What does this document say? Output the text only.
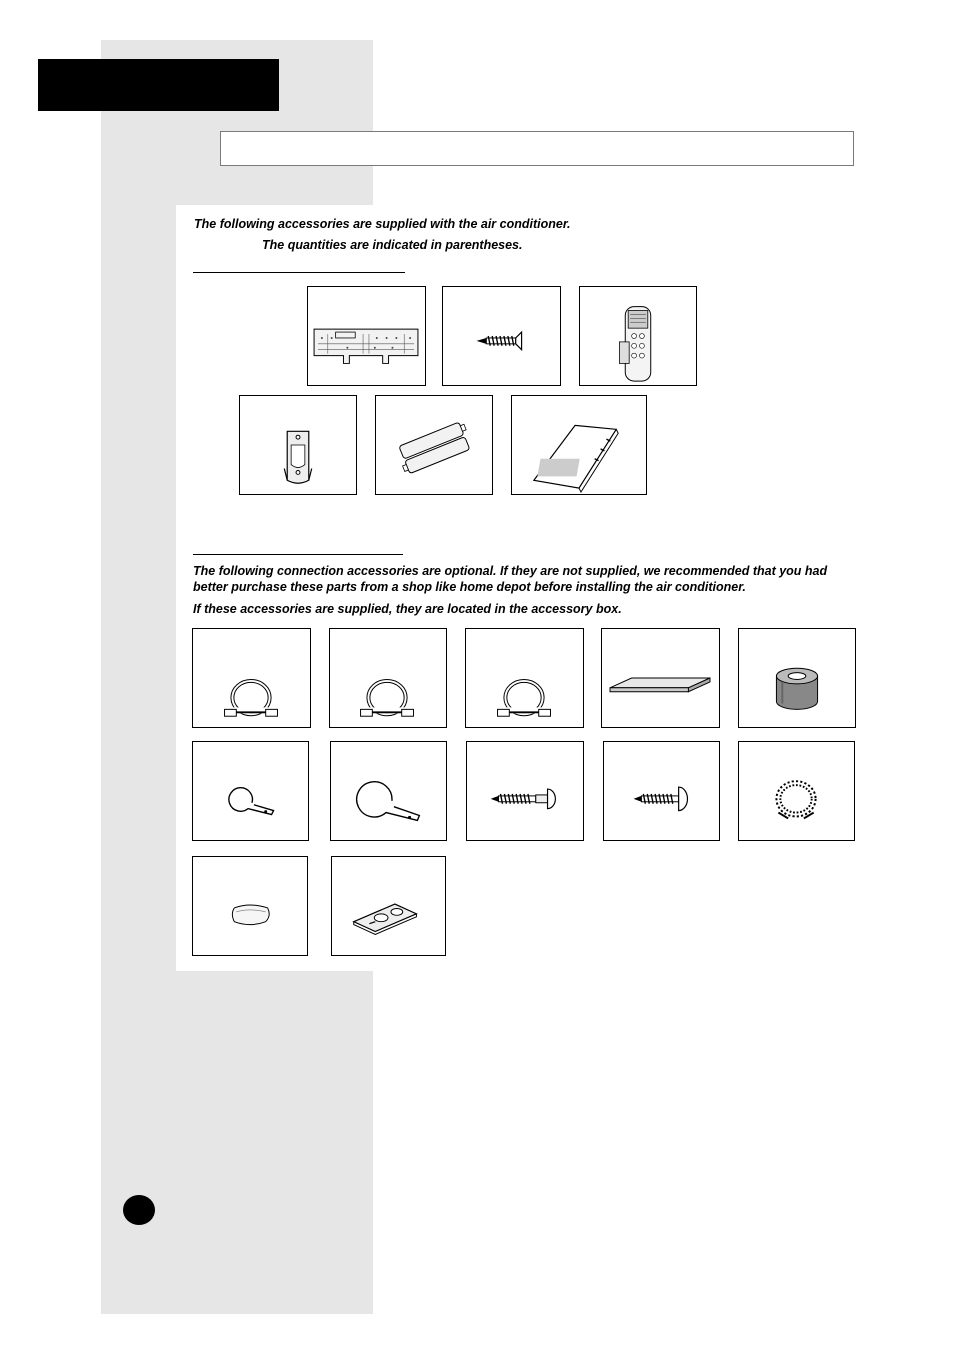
The following accessories are supplied with the air conditioner.

The quantities are indicated in parentheses.

The following connection accessories are optional. If they are not supplied, we recommended that you had

better purchase these parts from a shop like home depot before installing the air conditioner.

If these accessories are supplied, they are located in the accessory box.
